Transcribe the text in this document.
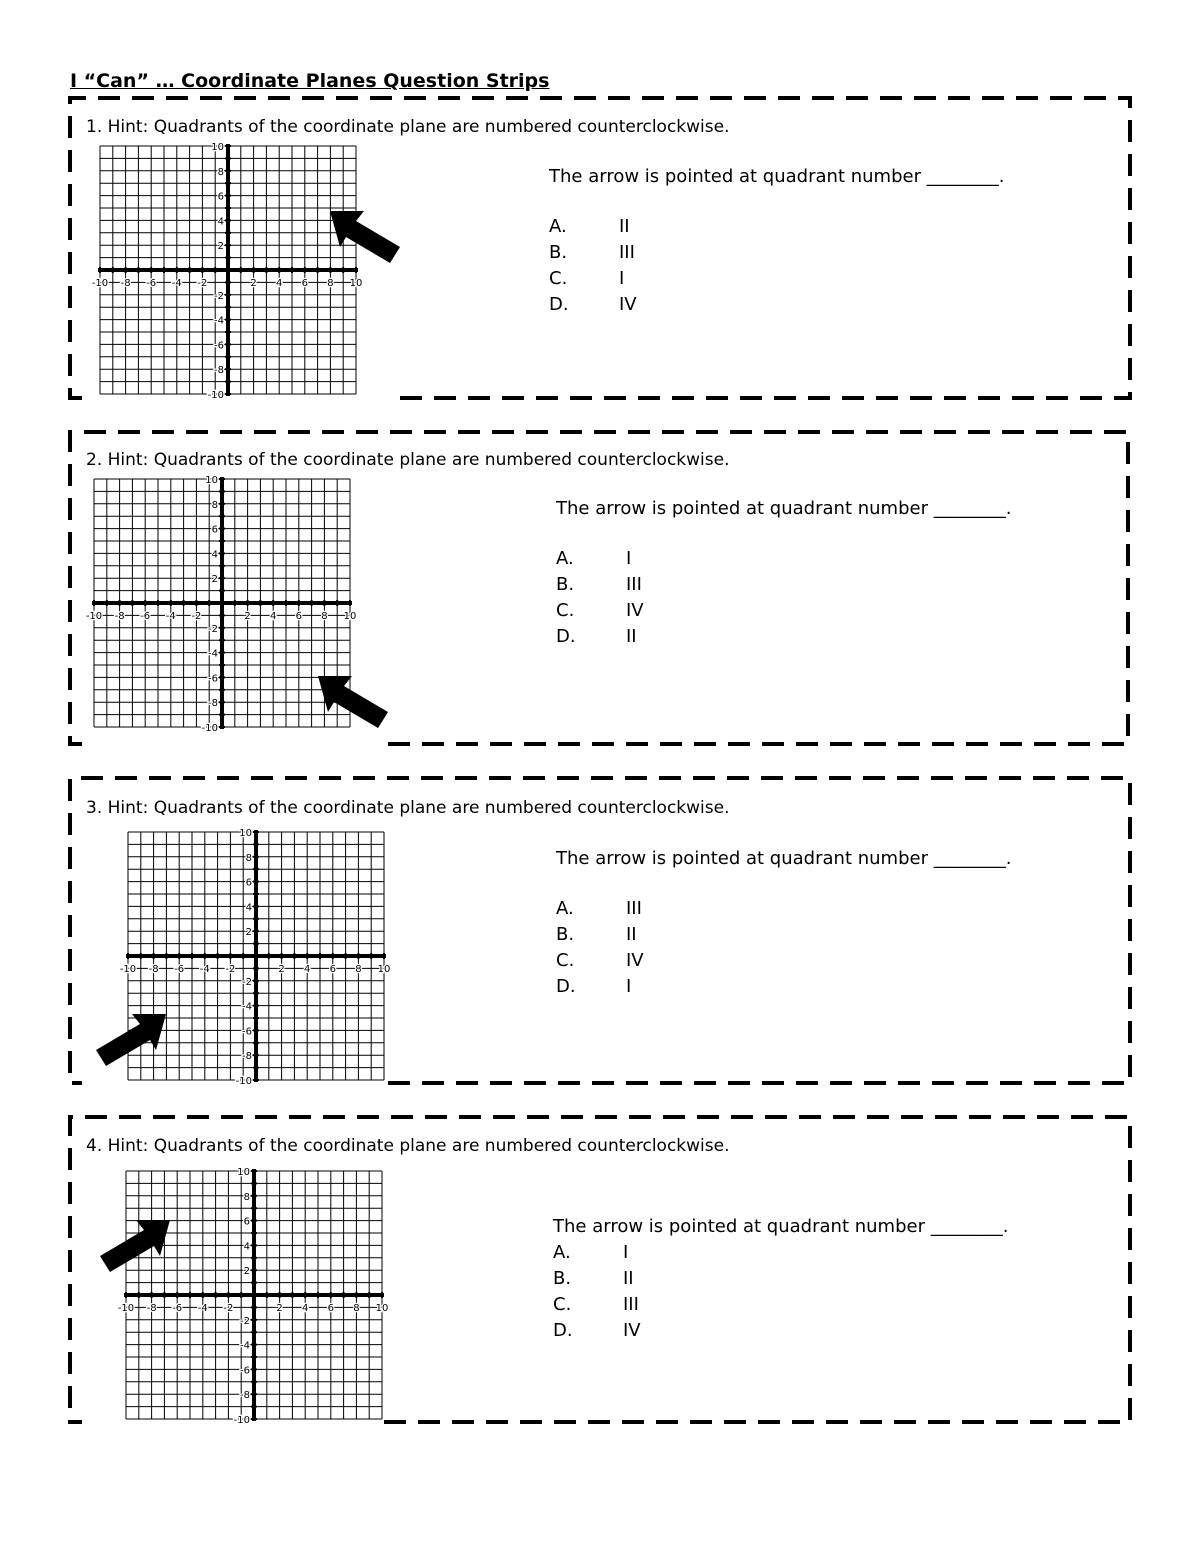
I “Can” … Coordinate Planes Question Strips
1. Hint: Quadrants of the coordinate plane are numbered counterclockwise.
-10 -8 -6 -4 -2	2 4 6 8 10
10
8
6
4
2
-2
-4
-6
-8
-10
The arrow is pointed at quadrant number ________.
A.	II
B.	III
C.	I
D.	IV
2. Hint: Quadrants of the coordinate plane are numbered counterclockwise.
-10 -8 -6 -4 -2	2 4 6 8 10
10
8
6
4
2
-2
-4
-6
-8
-10
The arrow is pointed at quadrant number ________.
A.	I
B.	III
C.	IV
D.	II
3. Hint: Quadrants of the coordinate plane are numbered counterclockwise.
-10 -8 -6 -4 -2	2 4 6 8 10
10
8
6
4
2
-2
-4
-6
-8
-10
The arrow is pointed at quadrant number ________.
A.	III
B.	II
C.	IV
D.	I
4. Hint: Quadrants of the coordinate plane are numbered counterclockwise.
-10 -8 -6 -4 -2	2 4 6 8 10
10
8
6
4
2
-2
-4
-6
-8
-10
The arrow is pointed at quadrant number ________.
A.	I
B.	II
C.	III
D.	IV
